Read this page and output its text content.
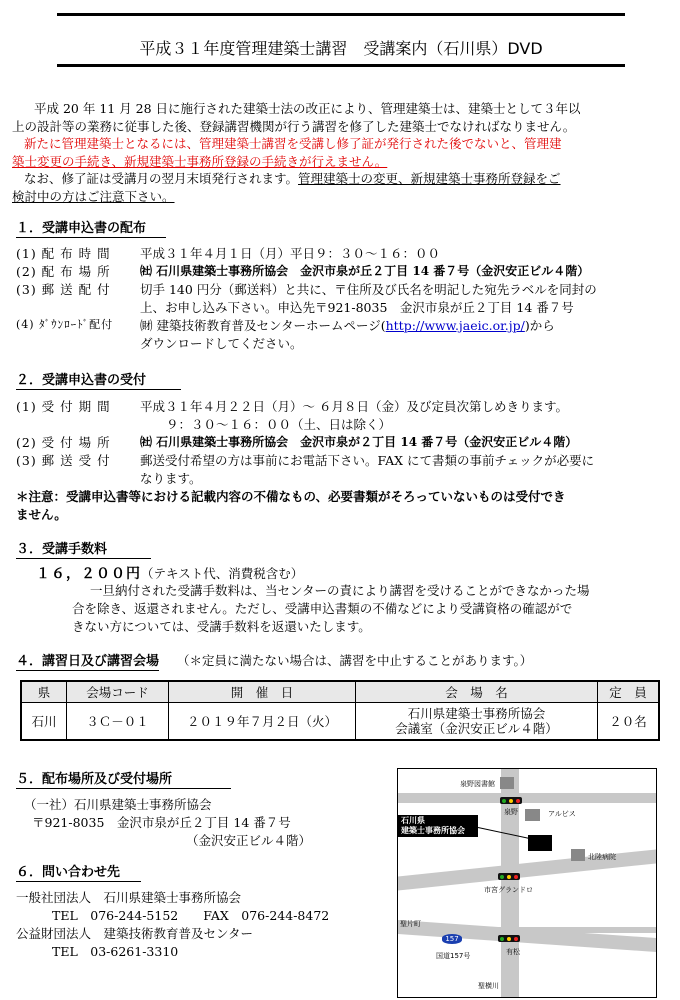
平成３１年度管理建築士講習　受講案内（石川県）DVD
平成 20 年 11 月 28 日に施行された建築士法の改正により、管理建築士は、建築士として３年以
上の設計等の業務に従事した後、登録講習機関が行う講習を修了した建築士でなければなりません。
新たに管理建築士となるには、管理建築士講習を受講し修了証が発行された後でないと、管理建
築士変更の手続き、新規建築士事務所登録の手続きが行えません。
なお、修了証は受講月の翌月末頃発行されます。管理建築士の変更、新規建築士事務所登録をご
検討中の方はご注意下さい。
１．受講申込書の配布
(1) 配 布 時 間 平成３１年４月１日（月）平日９：３０～１６：００
(2) 配 布 場 所 ㈳ 石川県建築士事務所協会　金沢市泉が丘２丁目 14 番７号（金沢安正ビル４階）
(3) 郵 送 配 付 切手 140 円分（郵送料）と共に、〒住所及び氏名を明記した宛先ラベルを同封の
上、お申し込み下さい。申込先〒921-8035　金沢市泉が丘２丁目 14 番７号
(4) ﾀﾞｳﾝﾛｰﾄﾞ配付 ㈶ 建築技術教育普及センターホームページ(http://www.jaeic.or.jp/)から
ダウンロードしてください。
２．受講申込書の受付
(1) 受 付 期 間 平成３１年４月２２日（月）～ ６月８日（金）及び定員次第しめきります。
９：３０～１６：００（土、日は除く）
(2) 受 付 場 所 ㈳ 石川県建築士事務所協会　金沢市泉が２丁目 14 番７号（金沢安正ビル４階）
(3) 郵 送 受 付 郵送受付希望の方は事前にお電話下さい。FAX にて書類の事前チェックが必要に
なります。
＊注意：受講申込書等における記載内容の不備なもの、必要書類がそろっていないものは受付でき
ません。
３．受講手数料
１６，２００円（テキスト代、消費税含む）
一旦納付された受講手数料は、当センターの責により講習を受けることができなかった場
合を除き、返還されません。ただし、受講申込書類の不備などにより受講資格の確認がで
きない方については、受講手数料を返還いたします。
４．講習日及び講習会場 （＊定員に満たない場合は、講習を中止することがあります。）
県	会場コード	開　催　日	会　場　名	定　員
石川	３Ｃ－０１	２０１９年７月２日（火）	石川県建築士事務所協会
会議室（金沢安正ビル４階）	２０名
５．配布場所及び受付場所
（一社）石川県建築士事務所協会
〒921-8035　金沢市泉が丘２丁目 14 番７号
（金沢安正ビル４階）
６．問い合わせ先
一般社団法人　石川県建築士事務所協会
TEL　076-244-5152　　FAX　076-244-8472
公益財団法人　建築技術教育普及センター
TEL　03-6261-3310
泉野図書館
泉野	アルビス
石川県
建築士事務所協会
北陸病院
市宮グランドロ
聖片町
157
有松
国道157号
聖横川
